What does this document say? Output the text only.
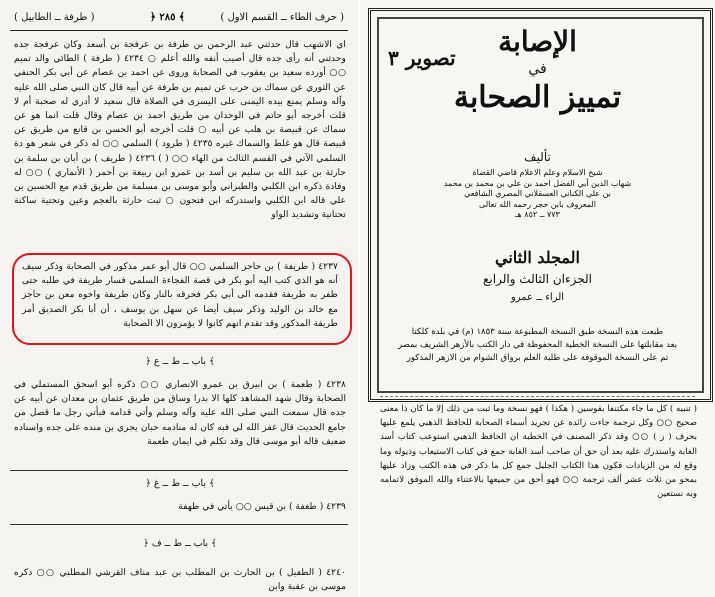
( طرفة ــ الطابيل )	﴿ ٢٨٥ ﴾	( حرف الطاء ــ القسم الاول )

اي الاشهب قال حدثني عبد الرحمن بن طرفة بن عرفجة بن أسعد وكان عرفجة جده وحدثني أنه رأى جده قال أصيب أنفه والله أعلم ○ ٤٢٣٤ ( طرفة ) الطائي والد تميم ○○ أورده سعيد بن يعقوب في الصحابة وروى عن احمد بن عصام عن أبي بكر الحنفي عن الثوري عن سماك بن حرب عن تميم بن طرفة عن أبيه قال كان النبي صلى الله عليه وآله وسلم يمنع بيده اليمنى على اليسرى في الصلاة قال سعيد لا أدري له صحبة أم لا قلت أخرجه أبو حاتم في الوحدان من طريق احمد بن عصام وقال قلت انما هو عن سماك عن قبيصة بن هلب عن أبيه ○ قلت أخرجه أبو الحسن بن قانع من طريق عن قبيصة قال هو غلط والسماك غيره ٤٢٣٥ ( طرود ) السلمي ○○ له ذكر في شعر هو دة السلمي الآتي في القسم الثالث من الهاء ○○ ( ) ٤٢٣٦ ( طريف ) بن أبان بن سلمة بن حارثة بن عبد الله بن سليم بن أسد بن عمرو ابن ربيعة بن أحمر ( الأنماري ) ○○ له وفادة ذكره ابن الكلبي والطبراني وأبو موسى بن مسلمة من طريق قدم مع الحسين بن علي قاله ابن الكلبي واستدركه ابن فتحون ○ ثبت حارثة بالعجم وعين وتحتية ساكنة تحتانية وتشديد الواو

٤٢٣٧ ( طريفة ) بن حاجز السلمي ○○ قال أبو عمر مذكور في الصحابة وذكر سيف أنه هو الذي كتب اليه أبو بكر في قصة الفجاءة السلمي فسار طريفة في طلبه حتى ظفر به طريفة فقدمه الى أبي بكر فحرقه بالنار وكان طريفة واخوه معن بن حاجز مع خالد بن الوليد وذكر سيف أيضا عن سهل بن يوسف ، أن أبا بكر الصديق أمر طريفة المذكور وقد تقدم انهم كانوا لا يؤمرون الا الصحابة

﴿ باب ــ ط ــ ع ﴾

٤٢٣٨ ( طعمة ) بن ابيرق بن عمرو الانصاري ○○ ذكره أبو اسحق المستملي في الصحابة وقال شهد المشاهد كلها الا بدرا وساق من طريق عثمان بن معدان عن أبيه عن جده قال سمعت النبي صلى الله عليه وآله وسلم وأتي قدامه فبأتي رجل ما قصل من جامع الحديث قال غفر الله لي فبه كان له منادمه حبان يجري بن منده على جده واسناده ضعيف قاله أبو موسى قال وقد تكلم في ايمان طعمة

﴿ باب ــ ط ــ غ ﴾

٤٢٣٩ ( طغفة ) بن قيس ○○ يأتي في طهفة

﴿ باب ــ ط ــ ف ﴾

٤٢٤٠ ( الطفيل ) بن الحارث بن المطلب بن عبد مناف القرشي المطلبي ○○ ذكره موسى بن عقبة وابن

الإصابة
في
تمييز الصحابة
تصوير ٣
تأليف
شيخ الاسلام وعلم الاعلام قاضي القضاة
شهاب الدين أبي الفضل احمد بن علي بن محمد بن محمد
بن علي الكناني العسقلاني المصري الشافعي
المعروف بابن حجر رحمه الله تعالى
٧٧٣ ــ ٨٥٢ هـ
المجلد الثاني
الجزءان الثالث والرابع
الراء ــ عمرو
طبعت هذه النسخة طبق النسخة المطبوعة سنة ١٨٥٣ (م) في بلدة كلكتا
بعد مقابلتها على النسخة الخطية المحفوظة في دار الكتب بالأزهر الشريف بمصر
تم على النسخة الموقوفة على طلبة العلم برواق الشوام من الازهر المذكور

( تنبيه ) كل ما جاء مكتنفا بقوسين ( هكذا ) فهو نسخة وما ثبت من ذلك إلا ما كان ذا معنى صحيح ○○ وكل ترجمة جاءت زائدة عن تجريد أسماء الصحابة للحافظ الذهبي يلمع عليها بحرف ( ز ) ○○ وقد ذكر المصنف في الخطبة ان الحافظ الذهبي استوعب كتاب أسد الغابة واستدرك عليه بعد أن حق أن صاحب أسد الغابة جمع في كتاب الاستيعاب وذيوله وما وقع له من الزيادات فكون هذا الكتاب الجليل جمع كل ما ذكر في هذه الكتب وزاد عليها بمحو من ثلاث عشر ألف ترجمة ○○ فهو أحق من جميعها بالاعتناء والله الموفق لاتمامه وبه نستعين
